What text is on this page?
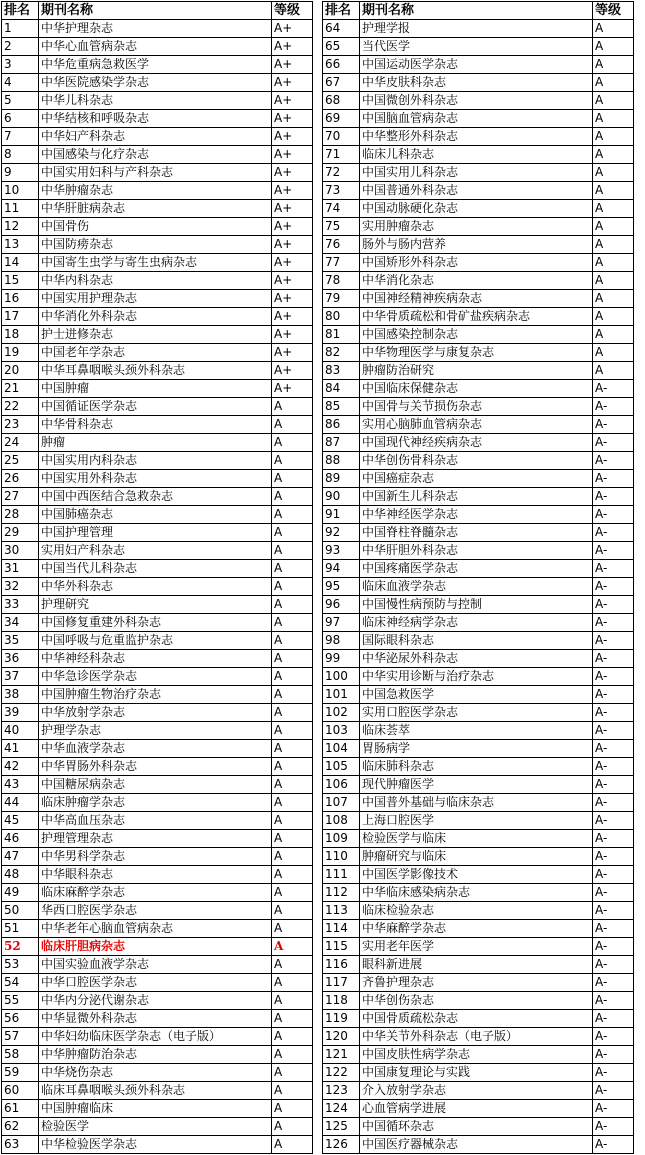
排名	期刊名称	等级
1	中华护理杂志	A+
2	中华心血管病杂志	A+
3	中华危重病急救医学	A+
4	中华医院感染学杂志	A+
5	中华儿科杂志	A+
6	中华结核和呼吸杂志	A+
7	中华妇产科杂志	A+
8	中国感染与化疗杂志	A+
9	中国实用妇科与产科杂志	A+
10	中华肿瘤杂志	A+
11	中华肝脏病杂志	A+
12	中国骨伤	A+
13	中国防痨杂志	A+
14	中国寄生虫学与寄生虫病杂志	A+
15	中华内科杂志	A+
16	中国实用护理杂志	A+
17	中华消化外科杂志	A+
18	护士进修杂志	A+
19	中国老年学杂志	A+
20	中华耳鼻咽喉头颈外科杂志	A+
21	中国肿瘤	A+
22	中国循证医学杂志	A
23	中华骨科杂志	A
24	肿瘤	A
25	中国实用内科杂志	A
26	中国实用外科杂志	A
27	中国中西医结合急救杂志	A
28	中国肺癌杂志	A
29	中国护理管理	A
30	实用妇产科杂志	A
31	中国当代儿科杂志	A
32	中华外科杂志	A
33	护理研究	A
34	中国修复重建外科杂志	A
35	中国呼吸与危重监护杂志	A
36	中华神经科杂志	A
37	中华急诊医学杂志	A
38	中国肿瘤生物治疗杂志	A
39	中华放射学杂志	A
40	护理学杂志	A
41	中华血液学杂志	A
42	中华胃肠外科杂志	A
43	中国糖尿病杂志	A
44	临床肿瘤学杂志	A
45	中华高血压杂志	A
46	护理管理杂志	A
47	中华男科学杂志	A
48	中华眼科杂志	A
49	临床麻醉学杂志	A
50	华西口腔医学杂志	A
51	中华老年心脑血管病杂志	A
52	临床肝胆病杂志	A
53	中国实验血液学杂志	A
54	中华口腔医学杂志	A
55	中华内分泌代谢杂志	A
56	中华显微外科杂志	A
57	中华妇幼临床医学杂志（电子版）	A
58	中华肿瘤防治杂志	A
59	中华烧伤杂志	A
60	临床耳鼻咽喉头颈外科杂志	A
61	中国肿瘤临床	A
62	检验医学	A
63	中华检验医学杂志	A
排名	期刊名称	等级
64	护理学报	A
65	当代医学	A
66	中国运动医学杂志	A
67	中华皮肤科杂志	A
68	中国微创外科杂志	A
69	中国脑血管病杂志	A
70	中华整形外科杂志	A
71	临床儿科杂志	A
72	中国实用儿科杂志	A
73	中国普通外科杂志	A
74	中国动脉硬化杂志	A
75	实用肿瘤杂志	A
76	肠外与肠内营养	A
77	中国矫形外科杂志	A
78	中华消化杂志	A
79	中国神经精神疾病杂志	A
80	中华骨质疏松和骨矿盐疾病杂志	A
81	中国感染控制杂志	A
82	中华物理医学与康复杂志	A
83	肿瘤防治研究	A
84	中国临床保健杂志	A-
85	中国骨与关节损伤杂志	A-
86	实用心脑肺血管病杂志	A-
87	中国现代神经疾病杂志	A-
88	中华创伤骨科杂志	A-
89	中国癌症杂志	A-
90	中国新生儿科杂志	A-
91	中华神经医学杂志	A-
92	中国脊柱脊髓杂志	A-
93	中华肝胆外科杂志	A-
94	中国疼痛医学杂志	A-
95	临床血液学杂志	A-
96	中国慢性病预防与控制	A-
97	临床神经病学杂志	A-
98	国际眼科杂志	A-
99	中华泌尿外科杂志	A-
100	中华实用诊断与治疗杂志	A-
101	中国急救医学	A-
102	实用口腔医学杂志	A-
103	临床荟萃	A-
104	胃肠病学	A-
105	临床肺科杂志	A-
106	现代肿瘤医学	A-
107	中国普外基础与临床杂志	A-
108	上海口腔医学	A-
109	检验医学与临床	A-
110	肿瘤研究与临床	A-
111	中国医学影像技术	A-
112	中华临床感染病杂志	A-
113	临床检验杂志	A-
114	中华麻醉学杂志	A-
115	实用老年医学	A-
116	眼科新进展	A-
117	齐鲁护理杂志	A-
118	中华创伤杂志	A-
119	中国骨质疏松杂志	A-
120	中华关节外科杂志（电子版）	A-
121	中国皮肤性病学杂志	A-
122	中国康复理论与实践	A-
123	介入放射学杂志	A-
124	心血管病学进展	A-
125	中国循环杂志	A-
126	中国医疗器械杂志	A-
